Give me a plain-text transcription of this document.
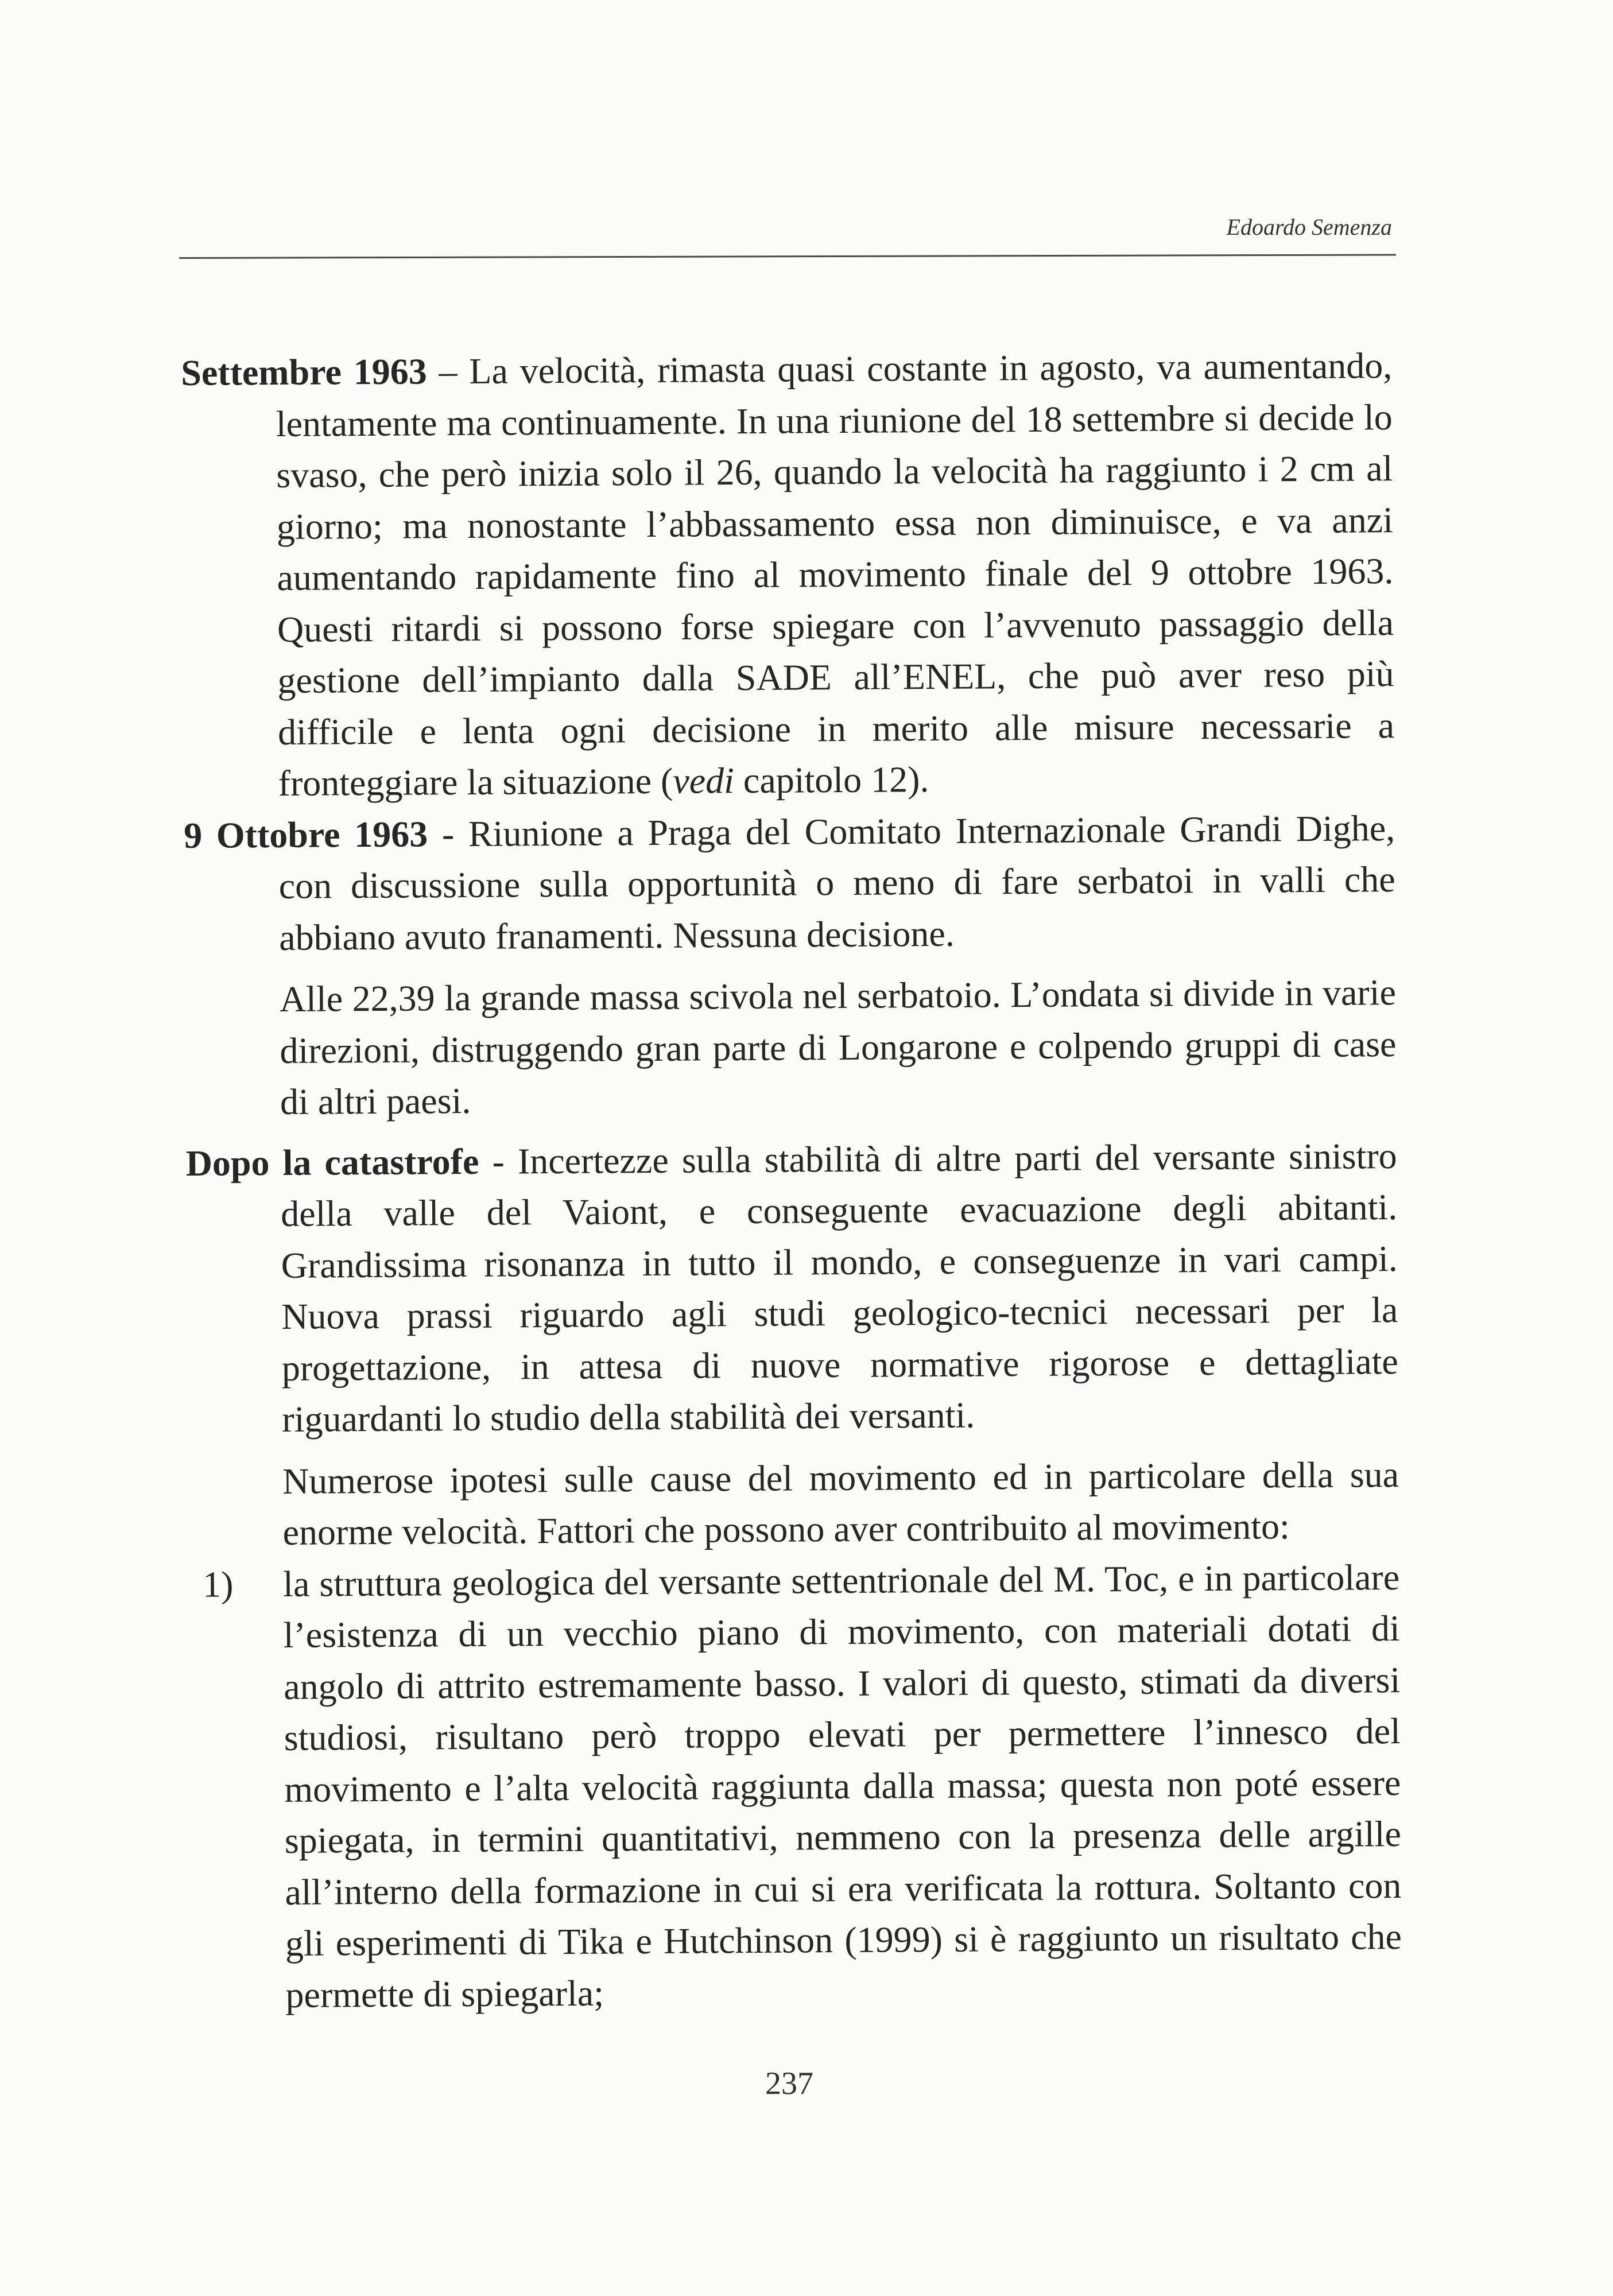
Edoardo Semenza

Settembre 1963 – La velocità, rimasta quasi costante in agosto, va aumentando, lentamente ma continuamente. In una riunione del 18 settembre si decide lo svaso, che però inizia solo il 26, quando la velocità ha raggiunto i 2 cm al giorno; ma nonostante l’abbassamento essa non diminuisce, e va anzi aumentando rapidamente fino al movimento finale del 9 ottobre 1963. Questi ritardi si possono forse spiegare con l’avvenuto passaggio della gestione dell’impianto dalla SADE all’ENEL, che può aver reso più difficile e lenta ogni decisione in merito alle misure necessarie a fronteggiare la situazione (vedi capitolo 12).

9 Ottobre 1963 - Riunione a Praga del Comitato Internazionale Grandi Dighe, con discussione sulla opportunità o meno di fare serbatoi in valli che abbiano avuto franamenti. Nessuna decisione.

Alle 22,39 la grande massa scivola nel serbatoio. L’ondata si divide in varie direzioni, distruggendo gran parte di Longarone e colpendo gruppi di case di altri paesi.

Dopo la catastrofe - Incertezze sulla stabilità di altre parti del versante sinistro della valle del Vaiont, e conseguente evacuazione degli abitanti. Grandissima risonanza in tutto il mondo, e conseguenze in vari campi. Nuova prassi riguardo agli studi geologico-tecnici necessari per la progettazione, in attesa di nuove normative rigorose e dettagliate riguardanti lo studio della stabilità dei versanti.

Numerose ipotesi sulle cause del movimento ed in particolare della sua enorme velocità. Fattori che possono aver contribuito al movimento:

1) la struttura geologica del versante settentrionale del M. Toc, e in particolare l’esistenza di un vecchio piano di movimento, con materiali dotati di angolo di attrito estremamente basso. I valori di questo, stimati da diversi studiosi, risultano però troppo elevati per permettere l’innesco del movimento e l’alta velocità raggiunta dalla massa; questa non poté essere spiegata, in termini quantitativi, nemmeno con la presenza delle argille all’interno della formazione in cui si era verificata la rottura. Soltanto con gli esperimenti di Tika e Hutchinson (1999) si è raggiunto un risultato che permette di spiegarla;

237
